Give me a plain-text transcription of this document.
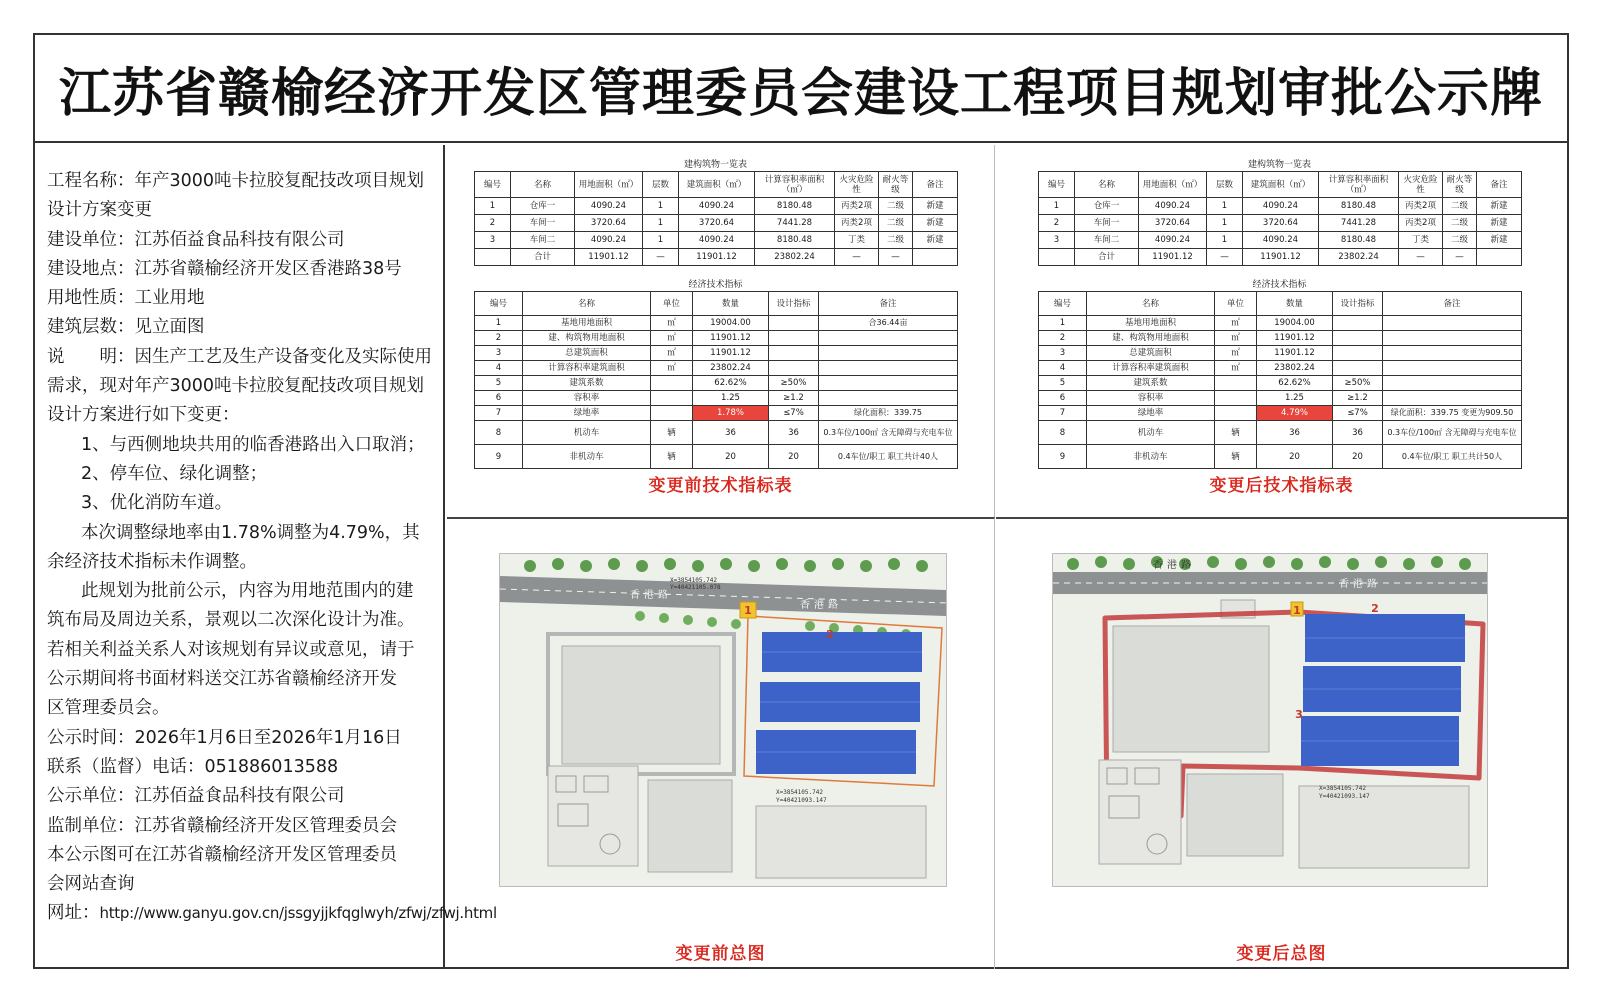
江苏省赣榆经济开发区管理委员会建设工程项目规划审批公示牌
工程名称：年产3000吨卡拉胶复配技改项目规划
设计方案变更
建设单位：江苏佰益食品科技有限公司
建设地点：江苏省赣榆经济开发区香港路38号
用地性质：工业用地
建筑层数：见立面图
说　　明：因生产工艺及生产设备变化及实际使用
需求，现对年产3000吨卡拉胶复配技改项目规划
设计方案进行如下变更：
1、与西侧地块共用的临香港路出入口取消；
2、停车位、绿化调整；
3、优化消防车道。
本次调整绿地率由1.78%调整为4.79%，其
余经济技术指标未作调整。
此规划为批前公示，内容为用地范围内的建
筑布局及周边关系，景观以二次深化设计为准。
若相关利益关系人对该规划有异议或意见，请于
公示期间将书面材料送交江苏省赣榆经济开发
区管理委员会。
公示时间：2026年1月6日至2026年1月16日
联系（监督）电话：051886013588
公示单位：江苏佰益食品科技有限公司
监制单位：江苏省赣榆经济开发区管理委员会
本公示图可在江苏省赣榆经济开发区管理委员
会网站查询
网址：http://www.ganyu.gov.cn/jssgyjjkfqglwyh/zfwj/zfwj.html
建构筑物一览表
编号	名称	用地面积（㎡）	层数	建筑面积（㎡）	计算容积率面积（㎡）	火灾危险性	耐火等级	备注
1	仓库一	4090.24	1	4090.24	8180.48	丙类2项	二级	新建
2	车间一	3720.64	1	3720.64	7441.28	丙类2项	二级	新建
3	车间二	4090.24	1	4090.24	8180.48	丁类	二级	新建
	合计	11901.12	—	11901.12	23802.24	—	—	
经济技术指标
编号	名称	单位	数量	设计指标	备注
1	基地用地面积	㎡	19004.00		合36.44亩
2	建、构筑物用地面积	㎡	11901.12		
3	总建筑面积	㎡	11901.12		
4	计算容积率建筑面积	㎡	23802.24		
5	建筑系数		62.62%	≥50%	
6	容积率		1.25	≥1.2	
7	绿地率		1.78%	≤7%	绿化面积：339.75
8	机动车	辆	36	36	0.3车位/100㎡ 含无障碍与充电车位
9	非机动车	辆	20	20	0.4车位/职工 职工共计40人
变更前技术指标表
建构筑物一览表
编号	名称	用地面积（㎡）	层数	建筑面积（㎡）	计算容积率面积（㎡）	火灾危险性	耐火等级	备注
1	仓库一	4090.24	1	4090.24	8180.48	丙类2项	二级	新建
2	车间一	3720.64	1	3720.64	7441.28	丙类2项	二级	新建
3	车间二	4090.24	1	4090.24	8180.48	丁类	二级	新建
	合计	11901.12	—	11901.12	23802.24	—	—	
经济技术指标
编号	名称	单位	数量	设计指标	备注
1	基地用地面积	㎡	19004.00		
2	建、构筑物用地面积	㎡	11901.12		
3	总建筑面积	㎡	11901.12		
4	计算容积率建筑面积	㎡	23802.24		
5	建筑系数		62.62%	≥50%	
6	容积率		1.25	≥1.2	
7	绿地率		4.79%	≤7%	绿化面积：339.75 变更为909.50
8	机动车	辆	36	36	0.3车位/100㎡ 含无障碍与充电车位
9	非机动车	辆	20	20	0.4车位/职工 职工共计50人
变更后技术指标表
1
2
香港路
香港路
X=3854105.742
Y=40421105.078
X=3854105.742
Y=40421093.147
变更前总图
1	2
3
香港路
香港路
X=3854105.742
Y=40421093.147
变更后总图
